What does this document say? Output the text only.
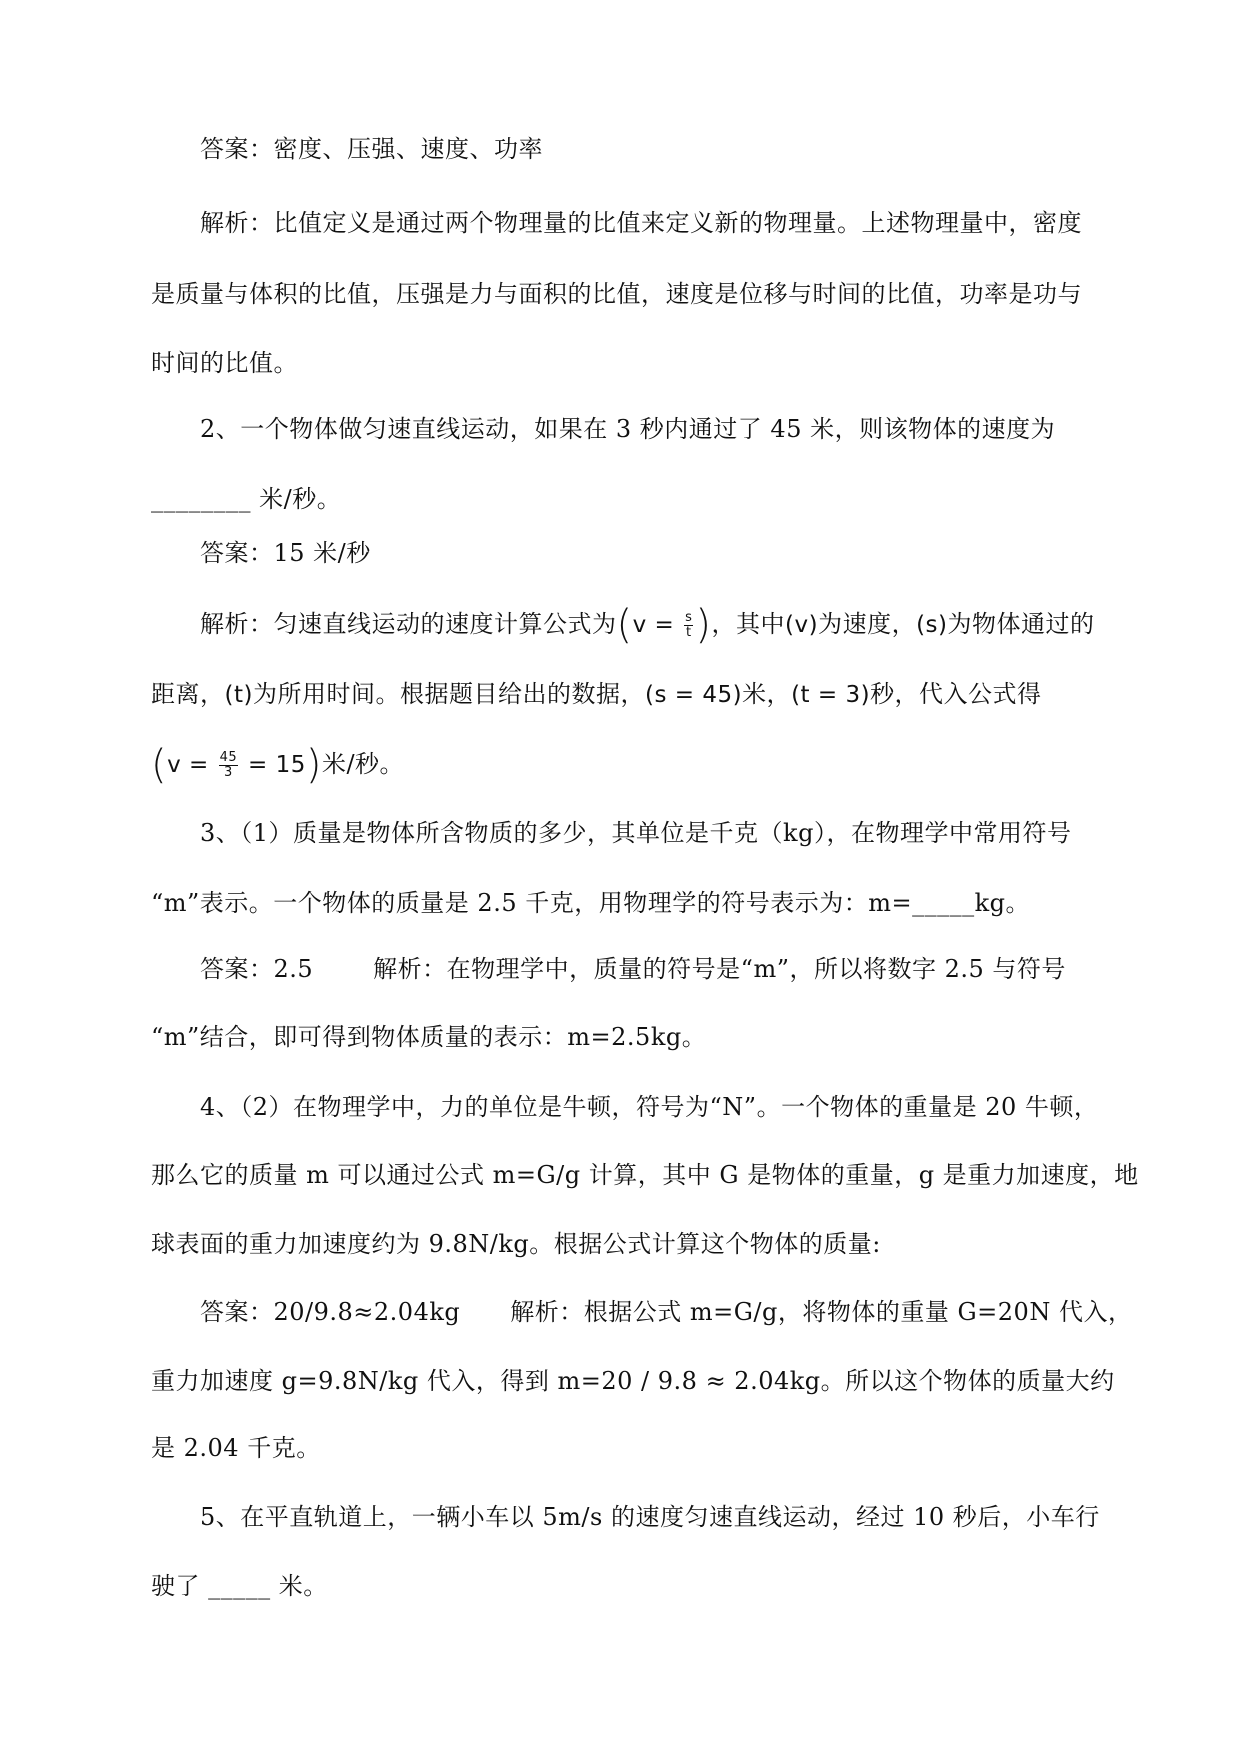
答案：密度、压强、速度、功率
解析：比值定义是通过两个物理量的比值来定义新的物理量。上述物理量中，密度
是质量与体积的比值，压强是力与面积的比值，速度是位移与时间的比值，功率是功与
时间的比值。
2、一个物体做匀速直线运动，如果在 3 秒内通过了 45 米，则该物体的速度为
________ 米/秒。
答案：15 米/秒
解析：匀速直线运动的速度计算公式为($v = \frac{s}{t}$ )，其中(v)为速度，(s)为物体通过的
距离，(t)为所用时间。根据题目给出的数据，(s = 45)米，(t = 3)秒，代入公式得
$(v = \frac{45}{3} = 15)$米/秒。
3、（1）质量是物体所含物质的多少，其单位是千克（kg），在物理学中常用符号
“m”表示。一个物体的质量是 2.5 千克，用物理学的符号表示为：m=_____kg。
答案：2.5	解析：在物理学中，质量的符号是“m”，所以将数字 2.5 与符号
“m”结合，即可得到物体质量的表示：m=2.5kg。
4、（2）在物理学中，力的单位是牛顿，符号为“N”。一个物体的重量是 20 牛顿，
那么它的质量 m 可以通过公式 m=G/g 计算，其中 G 是物体的重量，g 是重力加速度，地
球表面的重力加速度约为 9.8N/kg。根据公式计算这个物体的质量:
答案：20/9.8≈2.04kg 解析：根据公式 m=G/g，将物体的重量 G=20N 代入，
重力加速度 g=9.8N/kg 代入，得到 m=20 / 9.8 ≈ 2.04kg。所以这个物体的质量大约
是 2.04 千克。
5、在平直轨道上，一辆小车以 5m/s 的速度匀速直线运动，经过 10 秒后，小车行
驶了 _____ 米。
